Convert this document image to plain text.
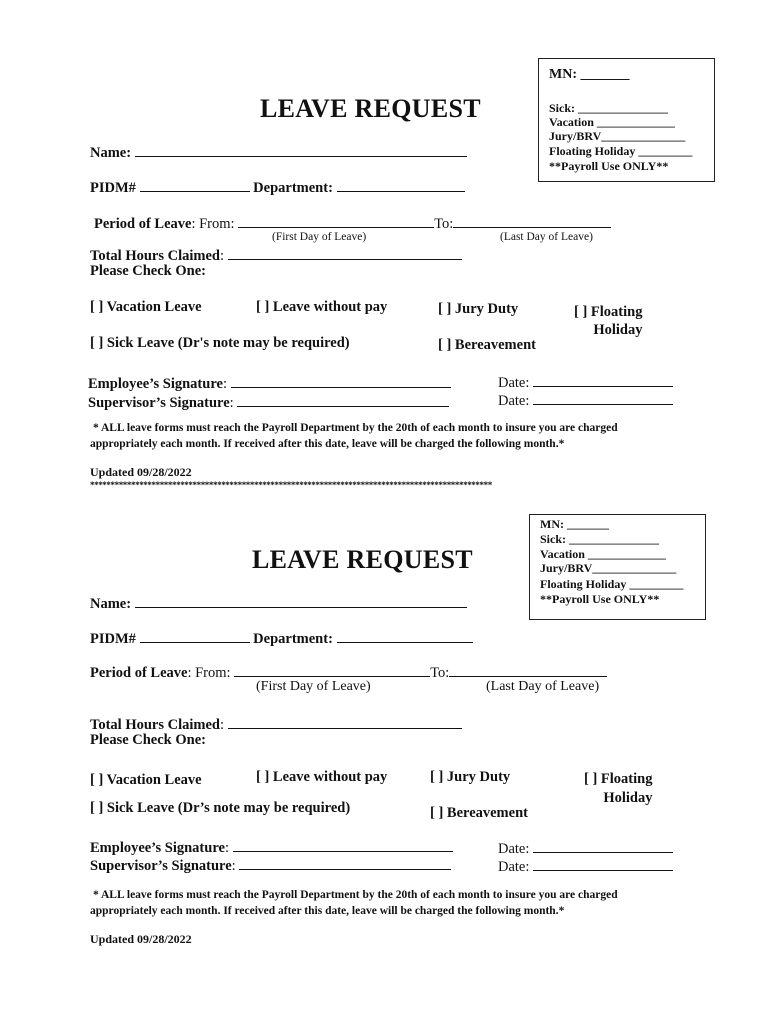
MN: _______
Sick: _______________
Vacation _____________
Jury/BRV______________
Floating Holiday _________
**Payroll Use ONLY**
LEAVE REQUEST
Name:
PIDM#	Department:
Period of Leave: From:	To:
(First Day of Leave)	(Last Day of Leave)
Total Hours Claimed:
Please Check One:
[ ] Vacation Leave	[ ] Leave without pay	[ ] Jury Duty	[ ] Floating
Holiday
[ ] Sick Leave (Dr's note may be required)	[ ] Bereavement
Employee’s Signature:
Supervisor’s Signature:
Date:
Date:
* ALL leave forms must reach the Payroll Department by the 20th of each month to insure you are charged
appropriately each month. If received after this date, leave will be charged the following month.*
Updated 09/28/2022
**************************************************************************************************
MN: _______
Sick: _______________
Vacation _____________
Jury/BRV______________
Floating Holiday _________
**Payroll Use ONLY**
LEAVE REQUEST
Name:
PIDM#	Department:
Period of Leave: From:	To:
(First Day of Leave)	(Last Day of Leave)
Total Hours Claimed:
Please Check One:
[ ] Vacation Leave	[ ] Leave without pay	[ ] Jury Duty	[ ] Floating
Holiday
[ ] Sick Leave (Dr’s note may be required)	[ ] Bereavement
Employee’s Signature:
Supervisor’s Signature:
Date:
Date:
* ALL leave forms must reach the Payroll Department by the 20th of each month to insure you are charged
appropriately each month. If received after this date, leave will be charged the following month.*
Updated 09/28/2022
